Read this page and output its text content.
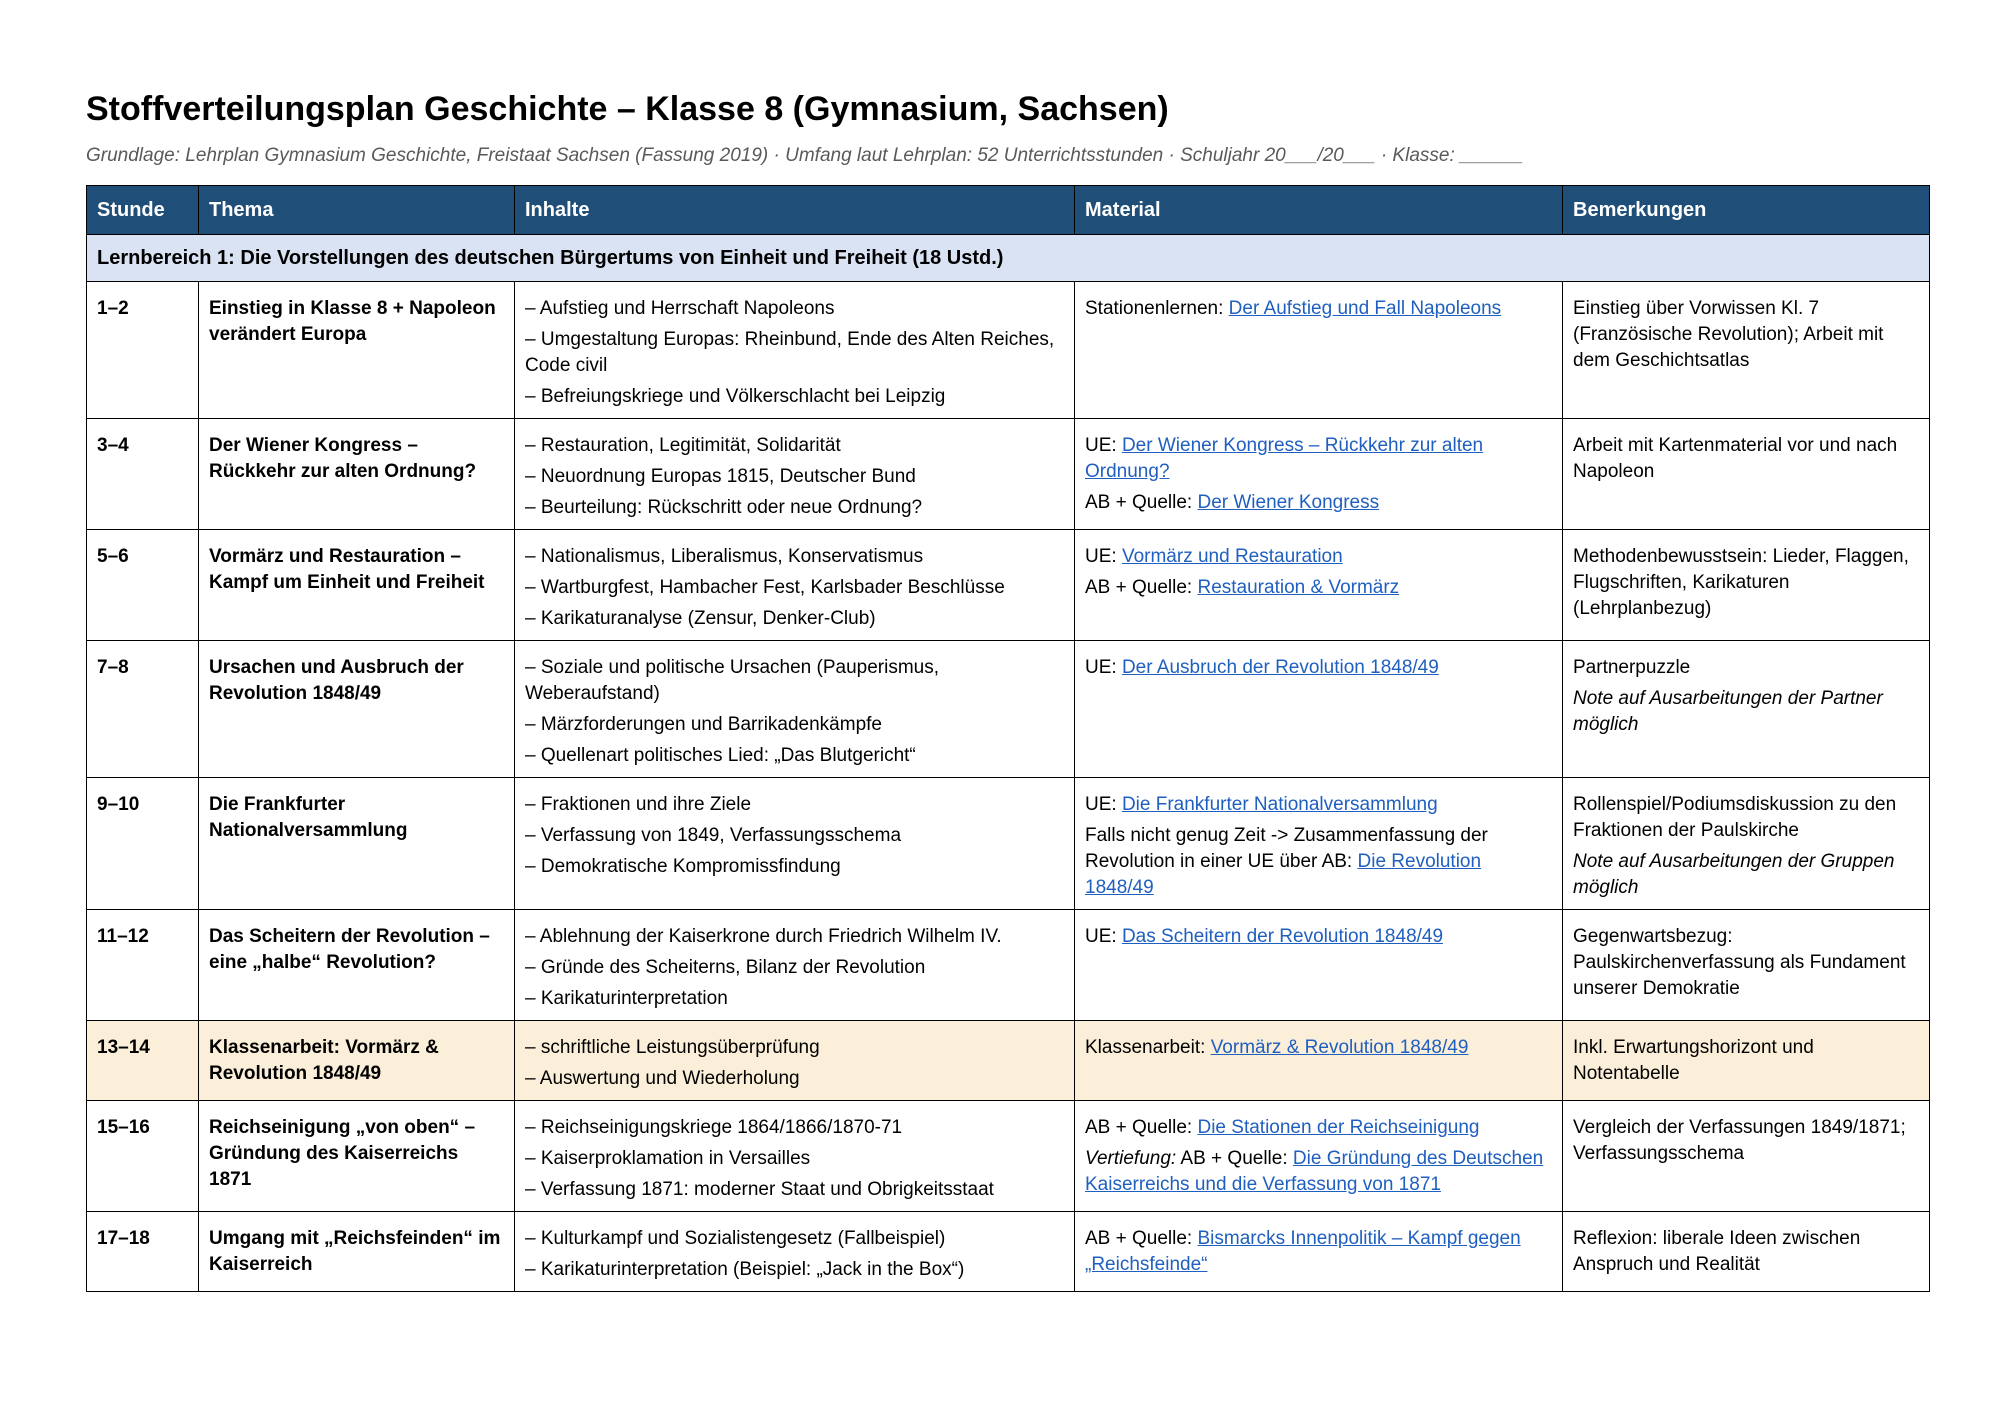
Stoffverteilungsplan Geschichte – Klasse 8 (Gymnasium, Sachsen)
Grundlage: Lehrplan Gymnasium Geschichte, Freistaat Sachsen (Fassung 2019) · Umfang laut Lehrplan: 52 Unterrichtsstunden · Schuljahr 20___/20___ · Klasse: ______
Stunde	Thema	Inhalte	Material	Bemerkungen
Lernbereich 1: Die Vorstellungen des deutschen Bürgertums von Einheit und Freiheit (18 Ustd.)				
1–2	Einstieg in Klasse 8 + Napoleon verändert Europa	– Aufstieg und Herrschaft Napoleons
– Umgestaltung Europas: Rheinbund, Ende des Alten Reiches, Code civil
– Befreiungskriege und Völkerschlacht bei Leipzig	Stationenlernen: Der Aufstieg und Fall Napoleons	Einstieg über Vorwissen Kl. 7 (Französische Revolution); Arbeit mit dem Geschichtsatlas

3–4	Der Wiener Kongress – Rückkehr zur alten Ordnung?	– Restauration, Legitimität, Solidarität
– Neuordnung Europas 1815, Deutscher Bund
– Beurteilung: Rückschritt oder neue Ordnung?	UE: Der Wiener Kongress – Rückkehr zur alten Ordnung?
AB + Quelle: Der Wiener Kongress	Arbeit mit Kartenmaterial vor und nach Napoleon

5–6	Vormärz und Restauration – Kampf um Einheit und Freiheit	– Nationalismus, Liberalismus, Konservatismus
– Wartburgfest, Hambacher Fest, Karlsbader Beschlüsse
– Karikaturanalyse (Zensur, Denker-Club)	UE: Vormärz und Restauration
AB + Quelle: Restauration & Vormärz	Methodenbewusstsein: Lieder, Flaggen, Flugschriften, Karikaturen (Lehrplanbezug)

7–8	Ursachen und Ausbruch der Revolution 1848/49	– Soziale und politische Ursachen (Pauperismus, Weberaufstand)
– Märzforderungen und Barrikadenkämpfe
– Quellenart politisches Lied: „Das Blutgericht“	UE: Der Ausbruch der Revolution 1848/49	Partnerpuzzle
Note auf Ausarbeitungen der Partner möglich

9–10	Die Frankfurter Nationalversammlung	– Fraktionen und ihre Ziele
– Verfassung von 1849, Verfassungsschema
– Demokratische Kompromissfindung	UE: Die Frankfurter Nationalversammlung
Falls nicht genug Zeit -> Zusammenfassung der Revolution in einer UE über AB: Die Revolution 1848/49	Rollenspiel/Podiumsdiskussion zu den Fraktionen der Paulskirche
Note auf Ausarbeitungen der Gruppen möglich

11–12	Das Scheitern der Revolution – eine „halbe“ Revolution?	– Ablehnung der Kaiserkrone durch Friedrich Wilhelm IV.
– Gründe des Scheiterns, Bilanz der Revolution
– Karikaturinterpretation	UE: Das Scheitern der Revolution 1848/49	Gegenwartsbezug: Paulskirchenverfassung als Fundament unserer Demokratie

13–14	Klassenarbeit: Vormärz & Revolution 1848/49	– schriftliche Leistungsüberprüfung
– Auswertung und Wiederholung	Klassenarbeit: Vormärz & Revolution 1848/49	Inkl. Erwartungshorizont und Notentabelle

15–16	Reichseinigung „von oben“ – Gründung des Kaiserreichs 1871	– Reichseinigungskriege 1864/1866/1870-71
– Kaiserproklamation in Versailles
– Verfassung 1871: moderner Staat und Obrigkeitsstaat	AB + Quelle: Die Stationen der Reichseinigung
Vertiefung: AB + Quelle: Die Gründung des Deutschen Kaiserreichs und die Verfassung von 1871	Vergleich der Verfassungen 1849/1871; Verfassungsschema

17–18	Umgang mit „Reichsfeinden“ im Kaiserreich	– Kulturkampf und Sozialistengesetz (Fallbeispiel)
– Karikaturinterpretation (Beispiel: „Jack in the Box“)	AB + Quelle: Bismarcks Innenpolitik – Kampf gegen „Reichsfeinde“	Reflexion: liberale Ideen zwischen Anspruch und Realität
